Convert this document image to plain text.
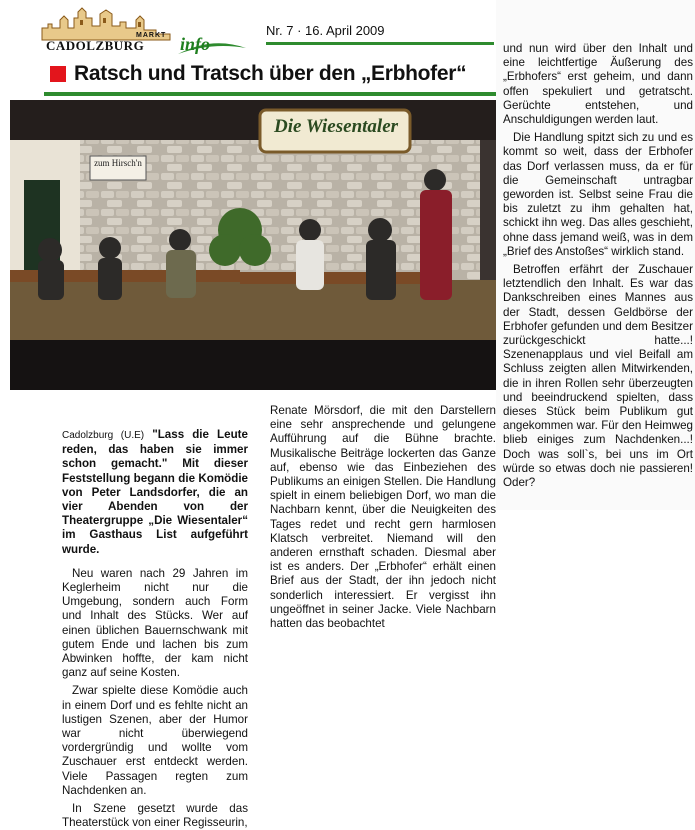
MARKT
CADOLZBURG info
Nr. 7 · 16. April 2009
Ratsch und Tratsch über den „Erbhofer“
Die Wiesentaler
zum Hirsch'n

Cadolzburg (U.E) "Lass die Leute reden, das haben sie immer schon gemacht." Mit dieser Feststellung begann die Komödie von Peter Landsdorfer, die an vier Abenden von der Theatergruppe „Die Wiesentaler“ im Gasthaus List aufgeführt wurde.

Neu waren nach 29 Jahren im Keglerheim nicht nur die Umgebung, sondern auch Form und Inhalt des Stücks. Wer auf einen üblichen Bauernschwank mit gutem Ende und lachen bis zum Abwinken hoffte, der kam nicht ganz auf seine Kosten.

Zwar spielte diese Komödie auch in einem Dorf und es fehlte nicht an lustigen Szenen, aber der Humor war nicht überwiegend vordergründig und wollte vom Zuschauer erst entdeckt werden. Viele Passagen regten zum Nachdenken an.

In Szene gesetzt wurde das Theaterstück von einer Regisseurin,

Renate Mörsdorf, die mit den Darstellern eine sehr ansprechende und gelungene Aufführung auf die Bühne brachte. Musikalische Beiträge lockerten das Ganze auf, ebenso wie das Einbeziehen des Publikums an einigen Stellen. Die Handlung spielt in einem beliebigen Dorf, wo man die Nachbarn kennt, über die Neuigkeiten des Tages redet und recht gern harmlosen Klatsch verbreitet. Niemand will den anderen ernsthaft schaden. Diesmal aber ist es anders. Der „Erbhofer“ erhält einen Brief aus der Stadt, der ihn jedoch nicht sonderlich interessiert. Er vergisst ihn ungeöffnet in seiner Jacke. Viele Nachbarn hatten das beobachtet

und nun wird über den Inhalt und eine leichtfertige Äußerung des „Erbhofers“ erst geheim, und dann offen spekuliert und getratscht. Gerüchte entstehen, und Anschuldigungen werden laut.

Die Handlung spitzt sich zu und es kommt so weit, dass der Erbhofer das Dorf verlassen muss, da er für die Gemeinschaft untragbar geworden ist. Selbst seine Frau die bis zuletzt zu ihm gehalten hat, schickt ihn weg. Das alles geschieht, ohne dass jemand weiß, was in dem „Brief des Anstoßes“ wirklich stand.

Betroffen erfährt der Zuschauer letztendlich den Inhalt. Es war das Dankschreiben eines Mannes aus der Stadt, dessen Geldbörse der Erbhofer gefunden und dem Besitzer zurückgeschickt hatte...! Szenenapplaus und viel Beifall am Schluss zeigten allen Mitwirkenden, die in ihren Rollen sehr überzeugten und beeindruckend spielten, dass dieses Stück beim Publikum gut angekommen war. Für den Heimweg blieb einiges zum Nachdenken...! Doch was soll`s, bei uns im Ort würde so etwas doch nie passieren! Oder?
